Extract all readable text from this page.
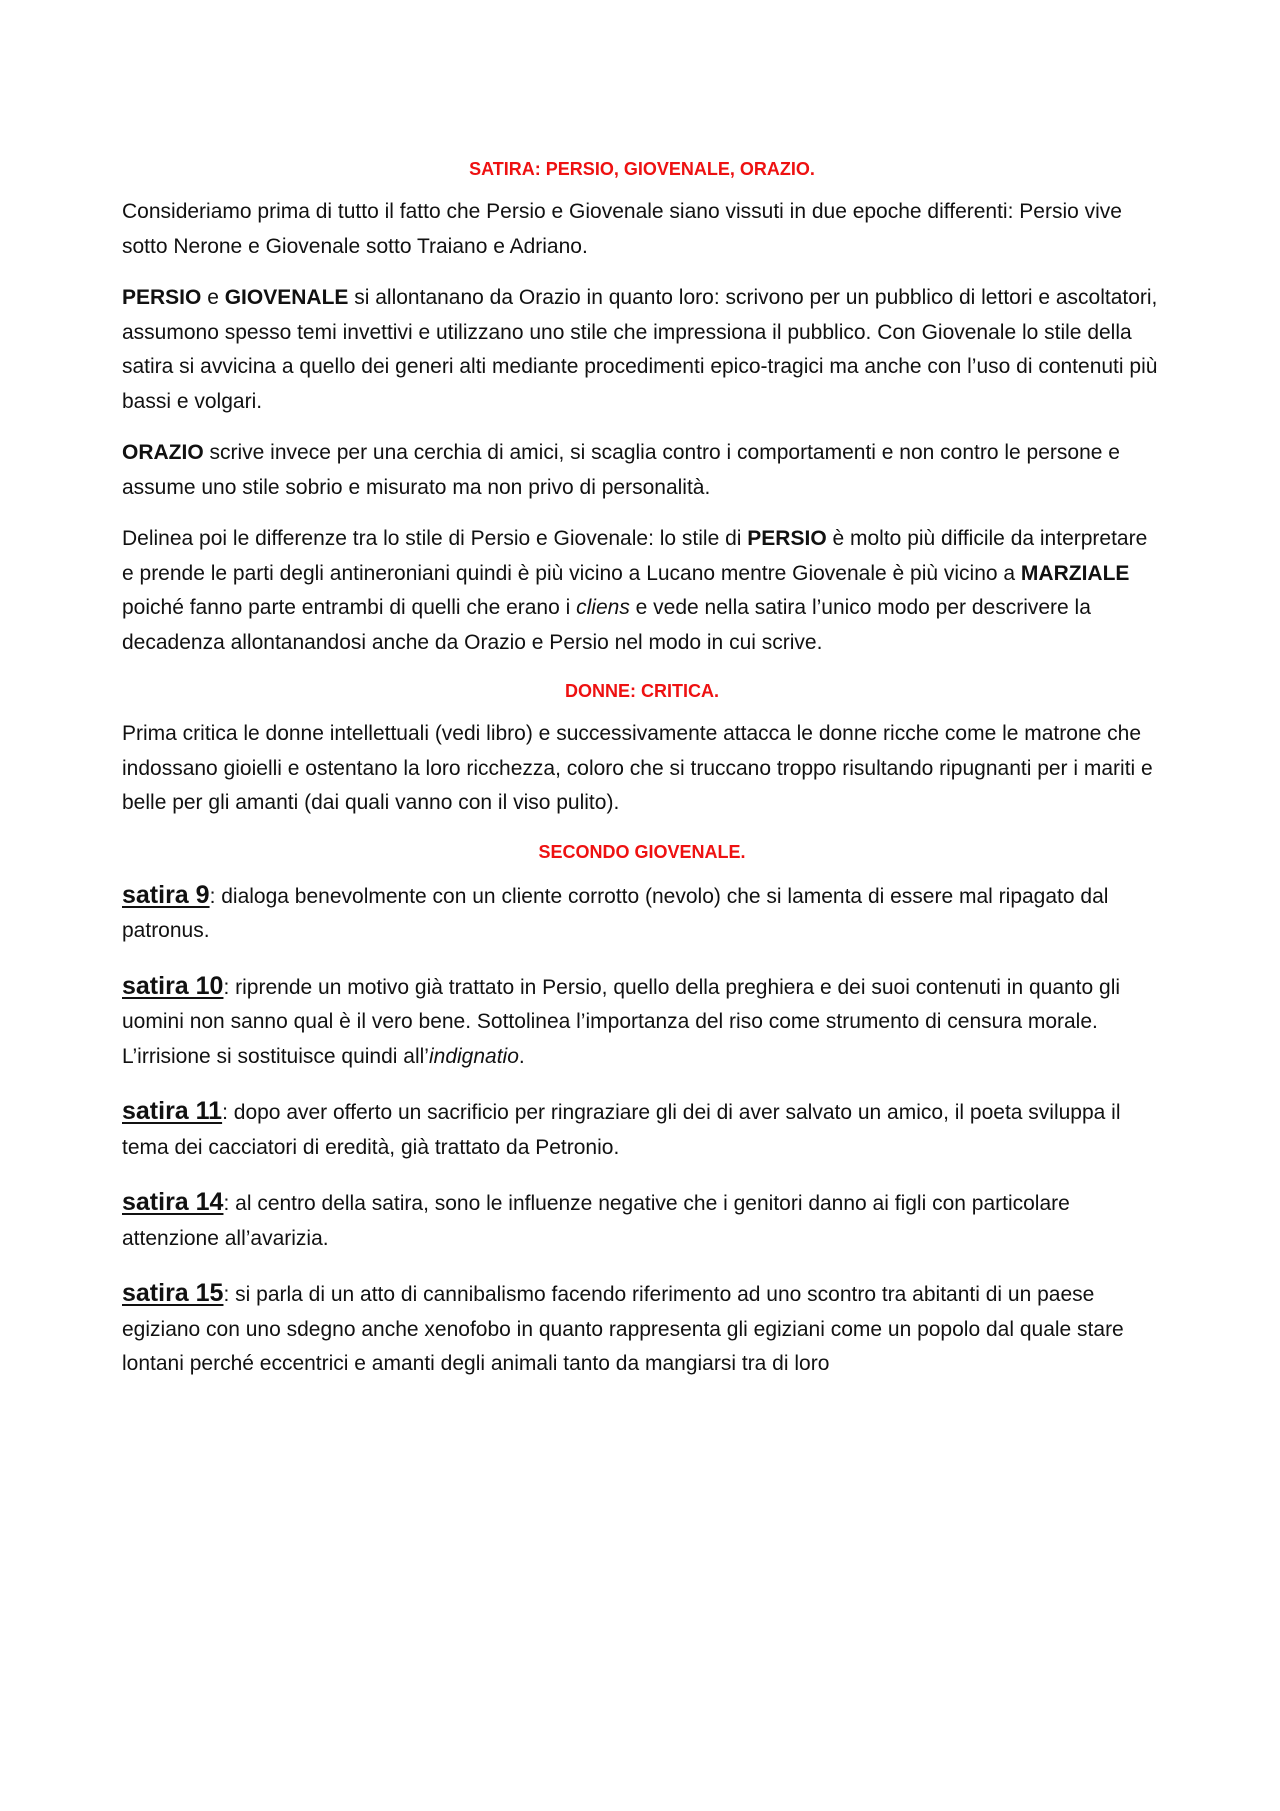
SATIRA: PERSIO, GIOVENALE, ORAZIO.

Consideriamo prima di tutto il fatto che Persio e Giovenale siano vissuti in due epoche differenti: Persio vive sotto Nerone e Giovenale sotto Traiano e Adriano.

PERSIO e GIOVENALE si allontanano da Orazio in quanto loro: scrivono per un pubblico di lettori e ascoltatori, assumono spesso temi invettivi e utilizzano uno stile che impressiona il pubblico. Con Giovenale lo stile della satira si avvicina a quello dei generi alti mediante procedimenti epico-tragici ma anche con l’uso di contenuti più bassi e volgari.

ORAZIO scrive invece per una cerchia di amici, si scaglia contro i comportamenti e non contro le persone e assume uno stile sobrio e misurato ma non privo di personalità.

Delinea poi le differenze tra lo stile di Persio e Giovenale: lo stile di PERSIO è molto più difficile da interpretare e prende le parti degli antineroniani quindi è più vicino a Lucano mentre Giovenale è più vicino a MARZIALE poiché fanno parte entrambi di quelli che erano i cliens e vede nella satira l’unico modo per descrivere la decadenza allontanandosi anche da Orazio e Persio nel modo in cui scrive.

DONNE: CRITICA.

Prima critica le donne intellettuali (vedi libro) e successivamente attacca le donne ricche come le matrone che indossano gioielli e ostentano la loro ricchezza, coloro che si truccano troppo risultando ripugnanti per i mariti e belle per gli amanti (dai quali vanno con il viso pulito).

SECONDO GIOVENALE.

satira 9: dialoga benevolmente con un cliente corrotto (nevolo) che si lamenta di essere mal ripagato dal patronus.

satira 10: riprende un motivo già trattato in Persio, quello della preghiera e dei suoi contenuti in quanto gli uomini non sanno qual è il vero bene. Sottolinea l’importanza del riso come strumento di censura morale. L’irrisione si sostituisce quindi all’indignatio.

satira 11: dopo aver offerto un sacrificio per ringraziare gli dei di aver salvato un amico, il poeta sviluppa il tema dei cacciatori di eredità, già trattato da Petronio.

satira 14: al centro della satira, sono le influenze negative che i genitori danno ai figli con particolare attenzione all’avarizia.

satira 15: si parla di un atto di cannibalismo facendo riferimento ad uno scontro tra abitanti di un paese egiziano con uno sdegno anche xenofobo in quanto rappresenta gli egiziani come un popolo dal quale stare lontani perché eccentrici e amanti degli animali tanto da mangiarsi tra di loro
